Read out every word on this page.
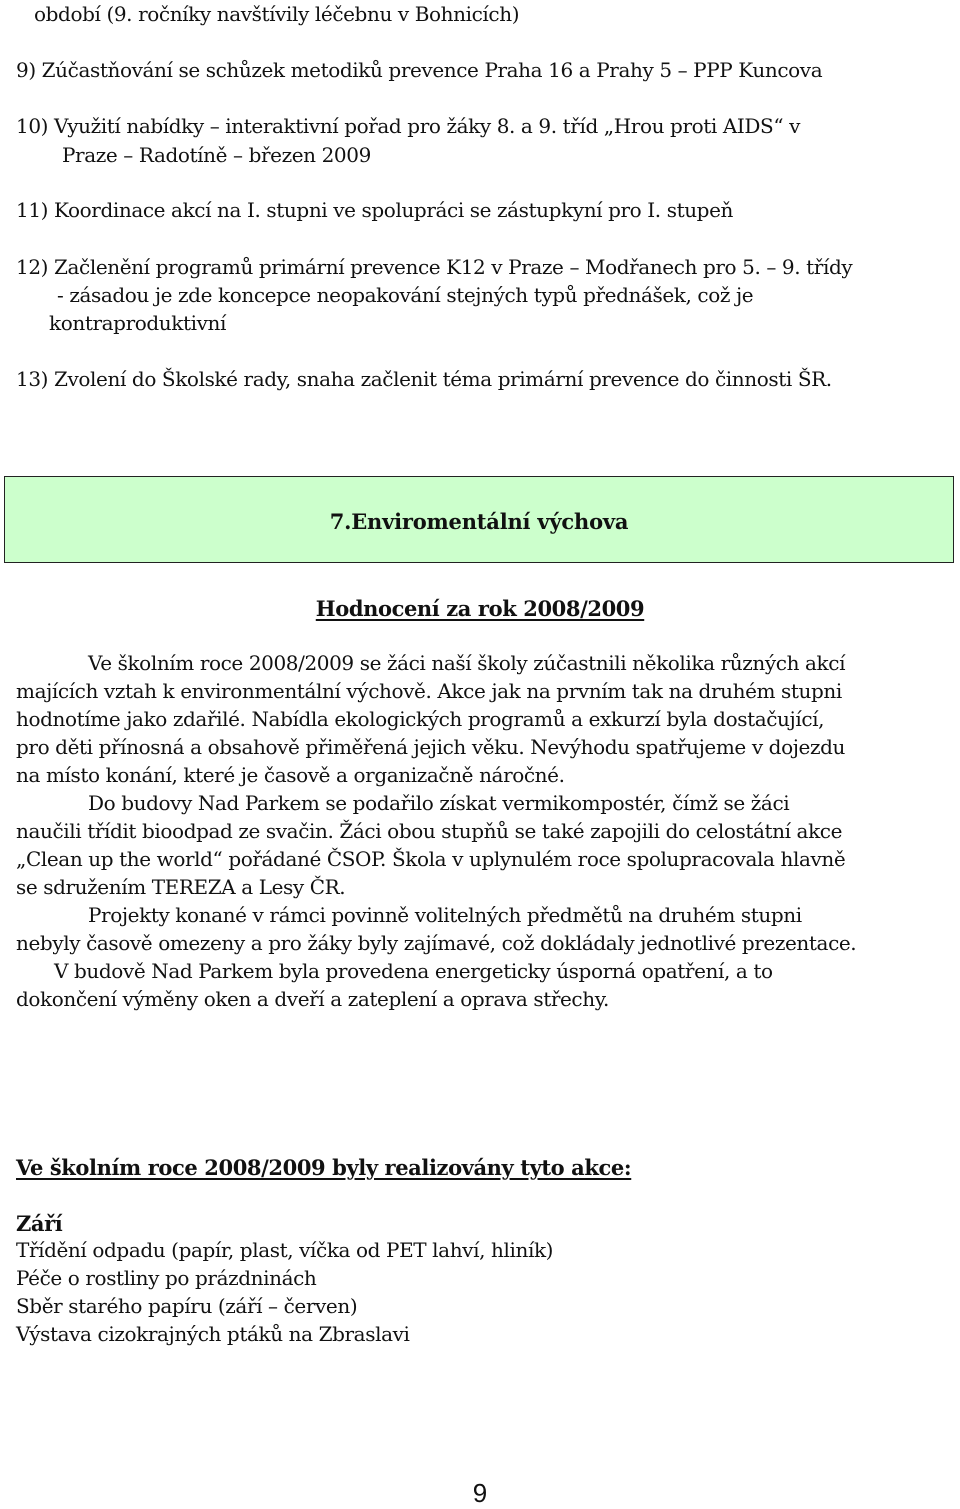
období (9. ročníky navštívily léčebnu v Bohnicích)
9) Zúčastňování se schůzek metodiků prevence Praha 16 a Prahy 5 – PPP Kuncova
10) Využití nabídky – interaktivní pořad pro žáky 8. a 9. tříd „Hrou proti AIDS“ v
Praze – Radotíně – březen 2009
11) Koordinace akcí na I. stupni ve spolupráci se zástupkyní pro I. stupeň
12) Začlenění programů primární prevence K12 v Praze – Modřanech pro 5. – 9. třídy
- zásadou je zde koncepce neopakování stejných typů přednášek, což je
kontraproduktivní
13) Zvolení do Školské rady, snaha začlenit téma primární prevence do činnosti ŠR.
7.Enviromentální výchova
Hodnocení za rok 2008/2009
Ve školním roce 2008/2009 se žáci naší školy zúčastnili několika různých akcí
majících vztah k environmentální výchově. Akce jak na prvním tak na druhém stupni
hodnotíme jako zdařilé. Nabídla ekologických programů a exkurzí byla dostačující,
pro děti přínosná a obsahově přiměřená jejich věku. Nevýhodu spatřujeme v dojezdu
na místo konání, které je časově a organizačně náročné.
Do budovy Nad Parkem se podařilo získat vermikompostér, čímž se žáci
naučili třídit bioodpad ze svačin. Žáci obou stupňů se také zapojili do celostátní akce
„Clean up the world“ pořádané ČSOP. Škola v uplynulém roce spolupracovala hlavně
se sdružením TEREZA a Lesy ČR.
Projekty konané v rámci povinně volitelných předmětů na druhém stupni
nebyly časově omezeny a pro žáky byly zajímavé, což dokládaly jednotlivé prezentace.
V budově Nad Parkem byla provedena energeticky úsporná opatření, a to
dokončení výměny oken a dveří a zateplení a oprava střechy.
Ve školním roce 2008/2009 byly realizovány tyto akce:
Září
Třídění odpadu (papír, plast, víčka od PET lahví, hliník)
Péče o rostliny po prázdninách
Sběr starého papíru (září – červen)
Výstava cizokrajných ptáků na Zbraslavi
9
